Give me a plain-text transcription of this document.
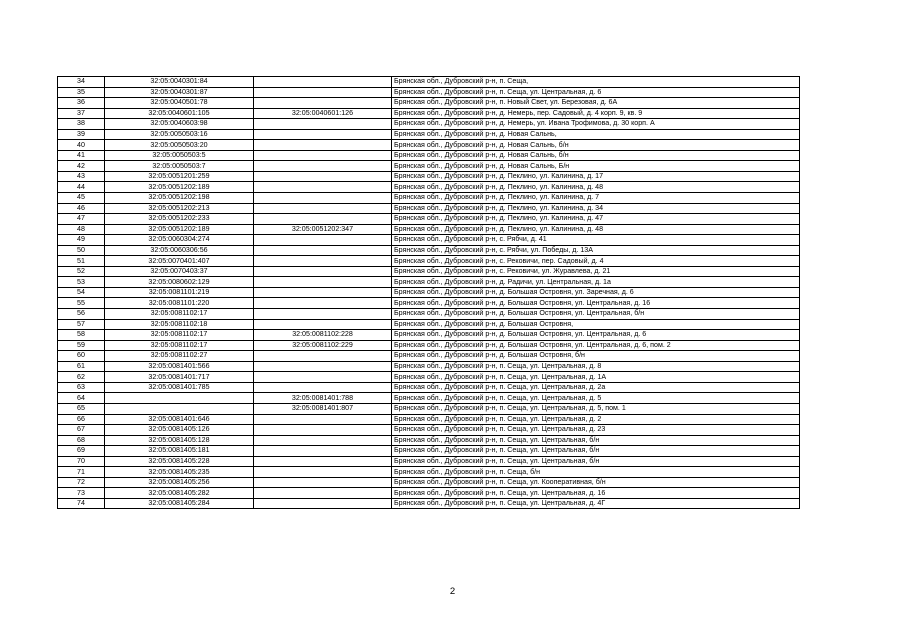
34	32:05:0040301:84		Брянская обл., Дубровский р-н, п. Сеща,
35	32:05:0040301:87		Брянская обл., Дубровский р-н, п. Сеща, ул. Центральная, д. 6
36	32:05:0040501:78		Брянская обл., Дубровский р-н, п. Новый Свет, ул. Березовая, д. 6А
37	32:05:0040601:105	32:05:0040601:126	Брянская обл., Дубровский р-н, д. Немерь, пер. Садовый, д. 4 корп. 9, кв. 9
38	32:05:0040603:98		Брянская обл., Дубровский р-н, д. Немерь, ул. Ивана Трофимова, д. 30 корп. А
39	32:05:0050503:16		Брянская обл., Дубровский р-н, д. Новая Сальнь,
40	32:05:0050503:20		Брянская обл., Дубровский р-н, д. Новая Сальнь, б/н
41	32:05:0050503:5		Брянская обл., Дубровский р-н, д. Новая Сальнь, б/н
42	32:05:0050503:7		Брянская обл., Дубровский р-н, д. Новая Сальнь, Б/н
43	32:05:0051201:259		Брянская обл., Дубровский р-н, д. Пеклино, ул. Калинина, д. 17
44	32:05:0051202:189		Брянская обл., Дубровский р-н, д. Пеклино, ул. Калинина, д. 48
45	32:05:0051202:198		Брянская обл., Дубровский р-н, д. Пеклино, ул. Калинина, д. 7
46	32:05:0051202:213		Брянская обл., Дубровский р-н, д. Пеклино, ул. Калинина, д. 34
47	32:05:0051202:233		Брянская обл., Дубровский р-н, д. Пеклино, ул. Калинина, д. 47
48	32:05:0051202:189	32:05:0051202:347	Брянская обл., Дубровский р-н, д. Пеклино, ул. Калинина, д. 48
49	32:05:0060304:274		Брянская обл., Дубровский р-н, с. Рябчи, д. 41
50	32:05:0060306:56		Брянская обл., Дубровский р-н, с. Рябчи, ул. Победы, д. 13А
51	32:05:0070401:407		Брянская обл., Дубровский р-н, с. Рековичи, пер. Садовый, д. 4
52	32:05:0070403:37		Брянская обл., Дубровский р-н, с. Рековичи, ул. Журавлева, д. 21
53	32:05:0080602:129		Брянская обл., Дубровский р-н, д. Радичи, ул. Центральная, д. 1а
54	32:05:0081101:219		Брянская обл., Дубровский р-н, д. Большая Островня, ул. Заречная, д. 6
55	32:05:0081101:220		Брянская обл., Дубровский р-н, д. Большая Островня, ул. Центральная, д. 16
56	32:05:0081102:17		Брянская обл., Дубровский р-н, д. Большая Островня, ул. Центральная, б/н
57	32:05:0081102:18		Брянская обл., Дубровский р-н, д. Большая Островня,
58	32:05:0081102:17	32:05:0081102:228	Брянская обл., Дубровский р-н, д. Большая Островня, ул. Центральная, д. 6
59	32:05:0081102:17	32:05:0081102:229	Брянская обл., Дубровский р-н, д. Большая Островня, ул. Центральная, д. 6, пом. 2
60	32:05:0081102:27		Брянская обл., Дубровский р-н, д. Большая Островня, б/н
61	32:05:0081401:566		Брянская обл., Дубровский р-н, п. Сеща, ул. Центральная, д. 8
62	32:05:0081401:717		Брянская обл., Дубровский р-н, п. Сеща, ул. Центральная, д. 1А
63	32:05:0081401:785		Брянская обл., Дубровский р-н, п. Сеща, ул. Центральная, д. 2а
64		32:05:0081401:788	Брянская обл., Дубровский р-н, п. Сеща, ул. Центральная, д. 5
65		32:05:0081401:807	Брянская обл., Дубровский р-н, п. Сеща, ул. Центральная, д. 5, пом. 1
66	32:05:0081401:646		Брянская обл., Дубровский р-н, п. Сеща, ул. Центральная, д. 2
67	32:05:0081405:126		Брянская обл., Дубровский р-н, п. Сеща, ул. Центральная, д. 23
68	32:05:0081405:128		Брянская обл., Дубровский р-н, п. Сеща, ул. Центральная, б/н
69	32:05:0081405:181		Брянская обл., Дубровский р-н, п. Сеща, ул. Центральная, б/н
70	32:05:0081405:228		Брянская обл., Дубровский р-н, п. Сеща, ул. Центральная, б/н
71	32:05:0081405:235		Брянская обл., Дубровский р-н, п. Сеща, б/н
72	32:05:0081405:256		Брянская обл., Дубровский р-н, п. Сеща, ул. Кооперативная, б/н
73	32:05:0081405:282		Брянская обл., Дубровский р-н, п. Сеща, ул. Центральная, д. 16
74	32:05:0081405:284		Брянская обл., Дубровский р-н, п. Сеща, ул. Центральная, д. 4Г
2
